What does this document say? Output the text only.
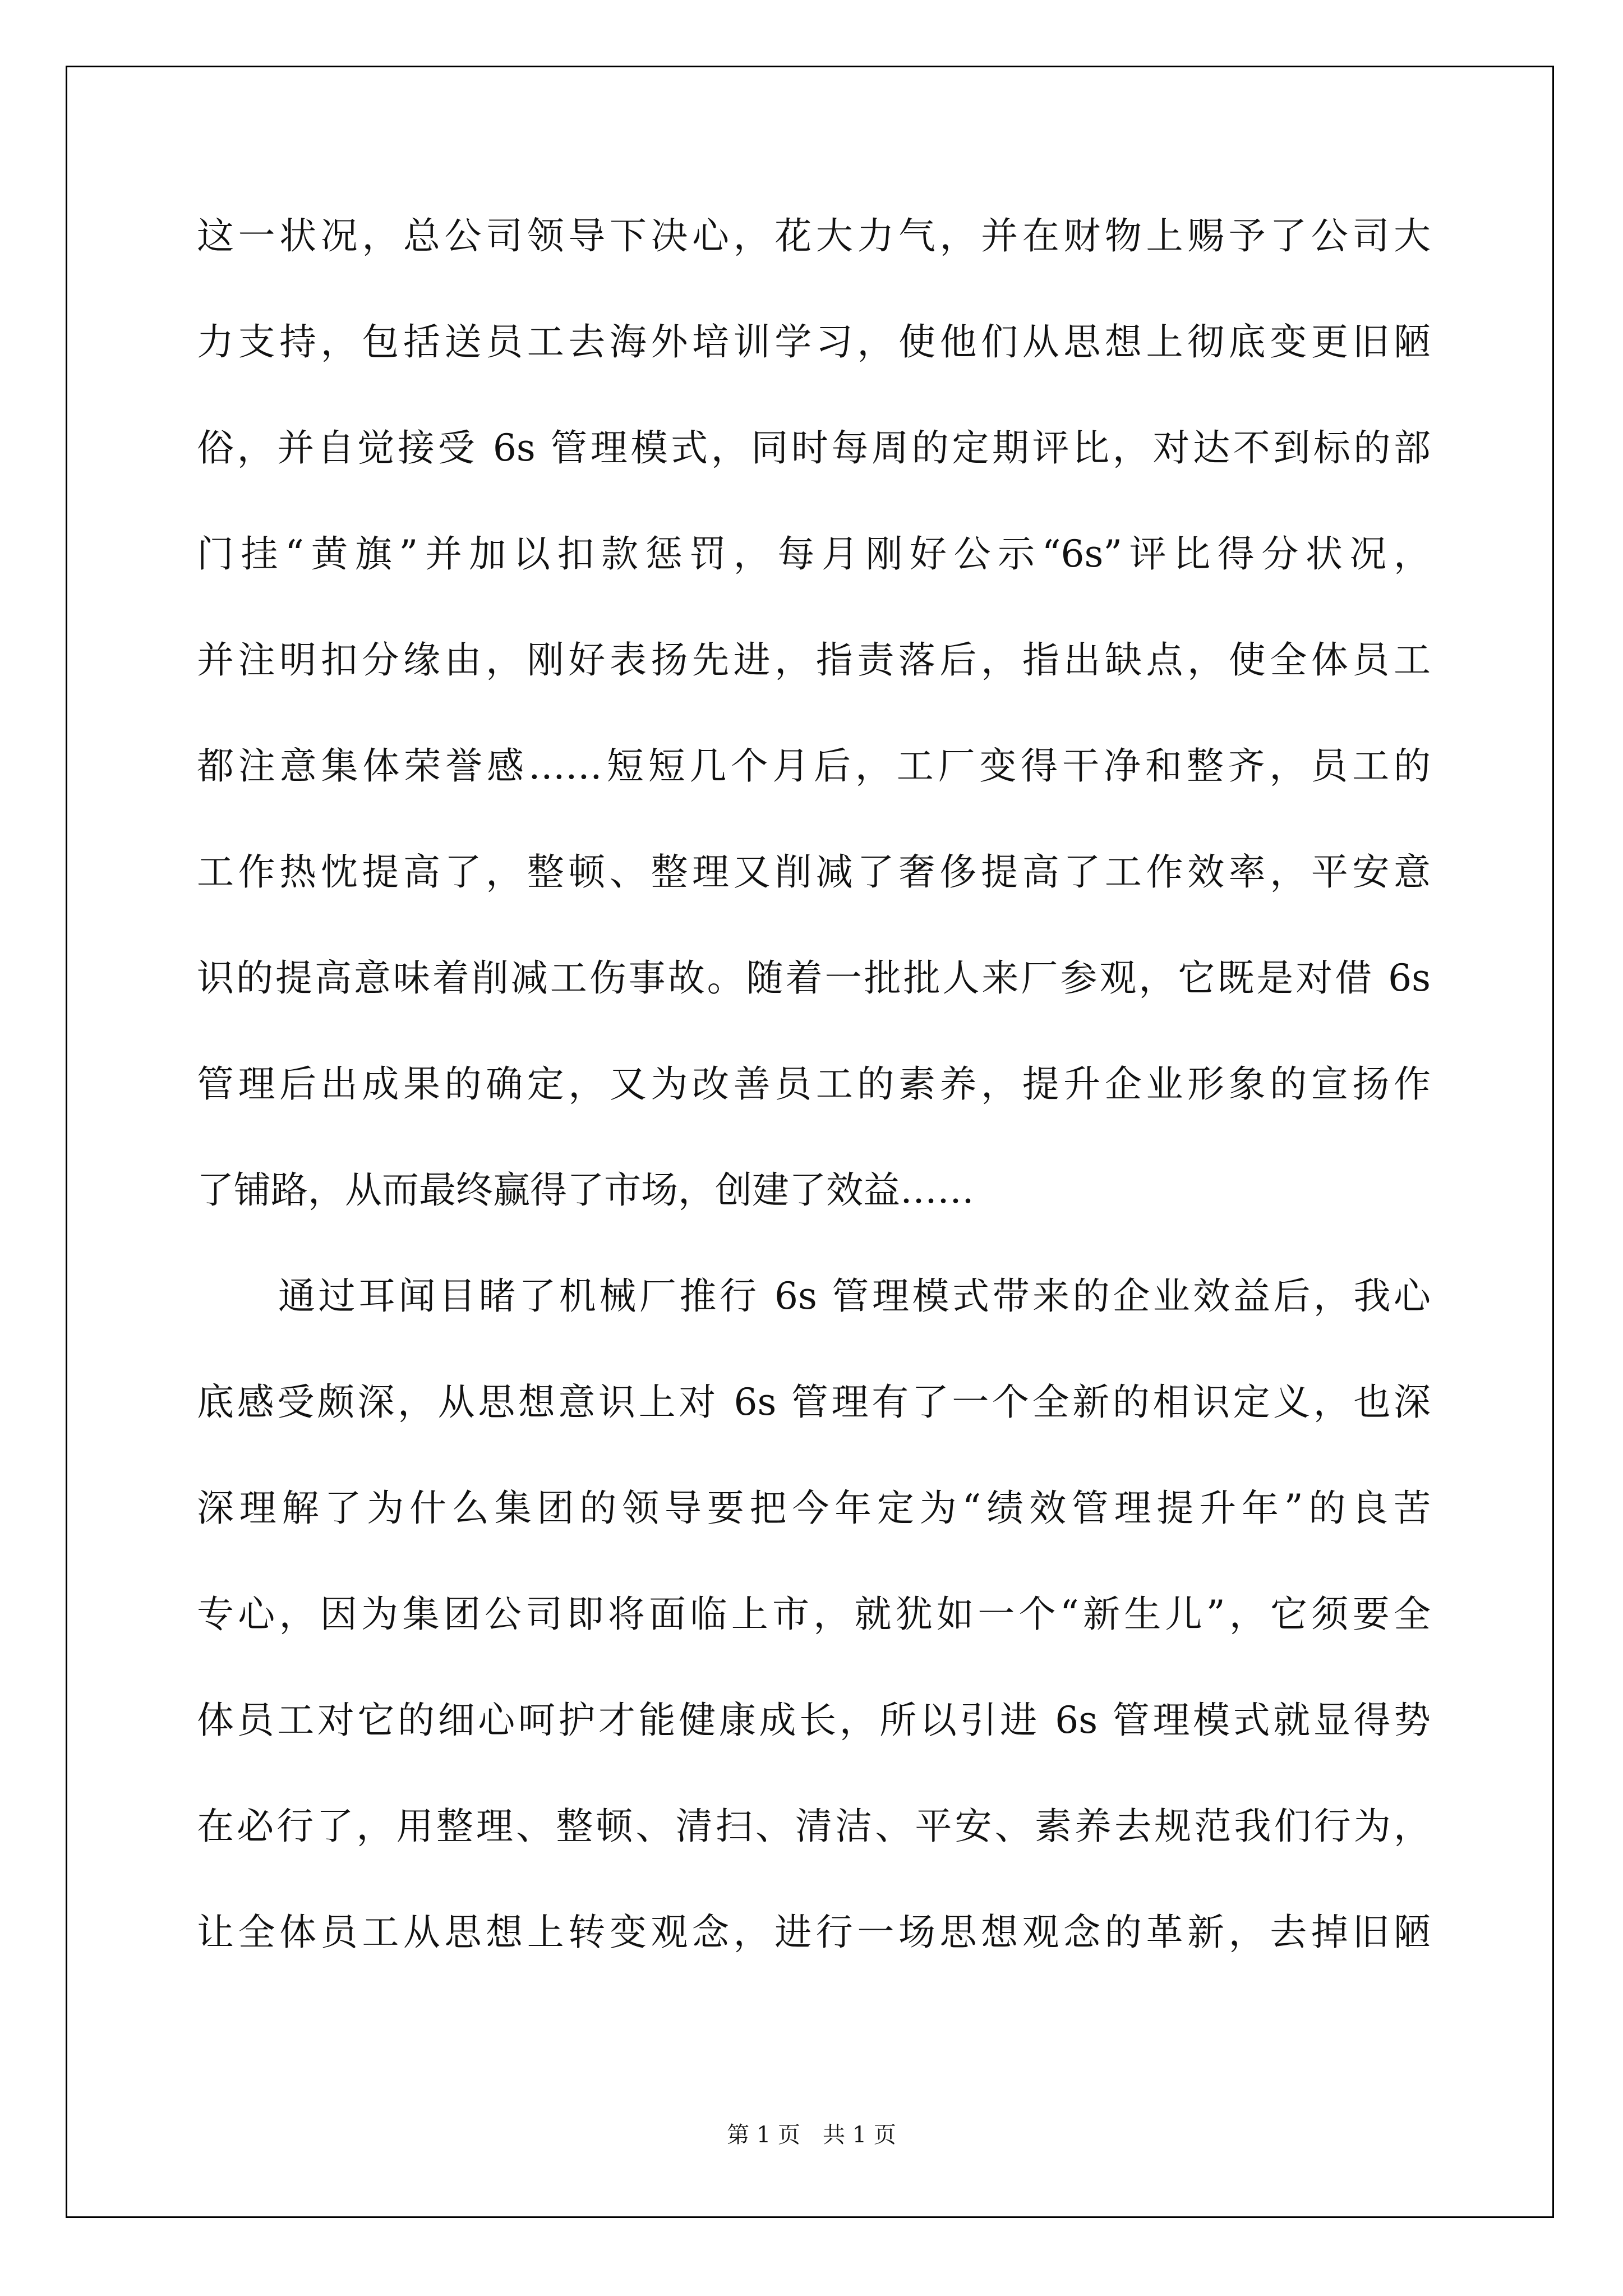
这一状况，总公司领导下决心，花大力气，并在财物上赐予了公司大
力支持，包括送员工去海外培训学习，使他们从思想上彻底变更旧陋
俗，并自觉接受 6s 管理模式，同时每周的定期评比，对达不到标的部
门挂“黄旗”并加以扣款惩罚，每月刚好公示“6s”评比得分状况，
并注明扣分缘由，刚好表扬先进，指责落后，指出缺点，使全体员工
都注意集体荣誉感……短短几个月后，工厂变得干净和整齐，员工的
工作热忱提高了，整顿、整理又削减了奢侈提高了工作效率，平安意
识的提高意味着削减工伤事故。随着一批批人来厂参观，它既是对借 6s
管理后出成果的确定，又为改善员工的素养，提升企业形象的宣扬作
了铺路，从而最终赢得了市场，创建了效益……
通过耳闻目睹了机械厂推行 6s 管理模式带来的企业效益后，我心
底感受颇深，从思想意识上对 6s 管理有了一个全新的相识定义，也深
深理解了为什么集团的领导要把今年定为“绩效管理提升年”的良苦
专心，因为集团公司即将面临上市，就犹如一个“新生儿”，它须要全
体员工对它的细心呵护才能健康成长，所以引进 6s 管理模式就显得势
在必行了，用整理、整顿、清扫、清洁、平安、素养去规范我们行为，
让全体员工从思想上转变观念，进行一场思想观念的革新，去掉旧陋
第 1 页　共 1 页
